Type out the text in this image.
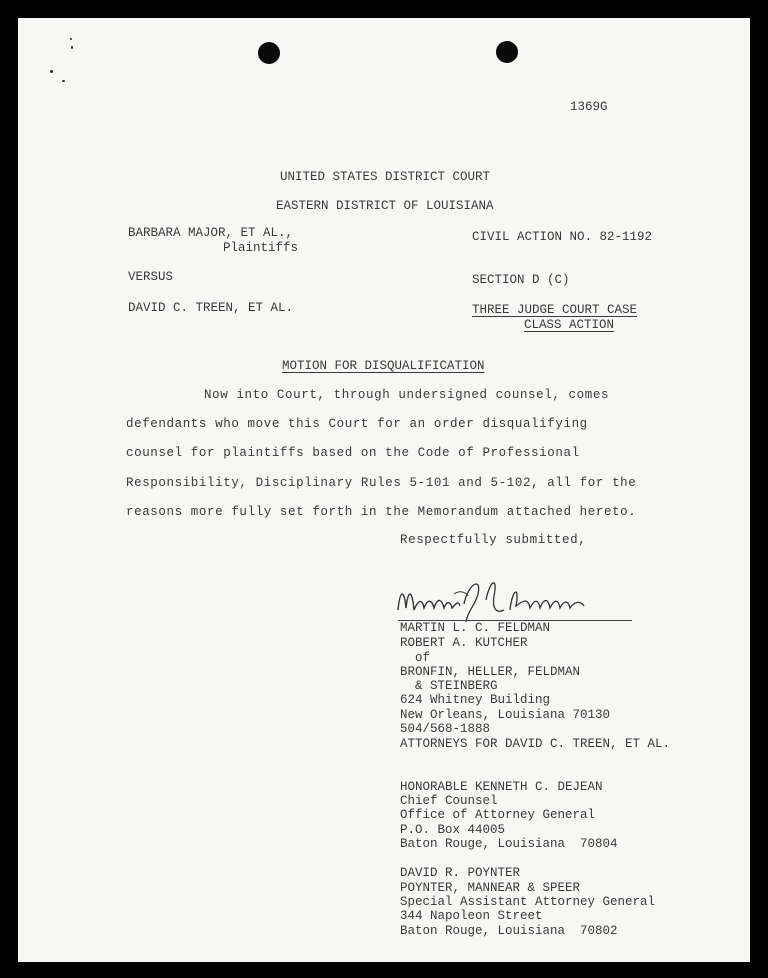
1369G
UNITED STATES DISTRICT COURT
EASTERN DISTRICT OF LOUISIANA
BARBARA MAJOR, ET AL.,
Plaintiffs
VERSUS
DAVID C. TREEN, ET AL.
CIVIL ACTION NO. 82-1192
SECTION D (C)
THREE JUDGE COURT CASE
CLASS ACTION
MOTION FOR DISQUALIFICATION
Now into Court, through undersigned counsel, comes
defendants who move this Court for an order disqualifying
counsel for plaintiffs based on the Code of Professional
Responsibility, Disciplinary Rules 5-101 and 5-102, all for the
reasons more fully set forth in the Memorandum attached hereto.
Respectfully submitted,
MARTIN L. C. FELDMAN
ROBERT A. KUTCHER
of
BRONFIN, HELLER, FELDMAN
& STEINBERG
624 Whitney Building
New Orleans, Louisiana 70130
504/568-1888
ATTORNEYS FOR DAVID C. TREEN, ET AL.
HONORABLE KENNETH C. DEJEAN
Chief Counsel
Office of Attorney General
P.O. Box 44005
Baton Rouge, Louisiana  70804
DAVID R. POYNTER
POYNTER, MANNEAR & SPEER
Special Assistant Attorney General
344 Napoleon Street
Baton Rouge, Louisiana  70802
